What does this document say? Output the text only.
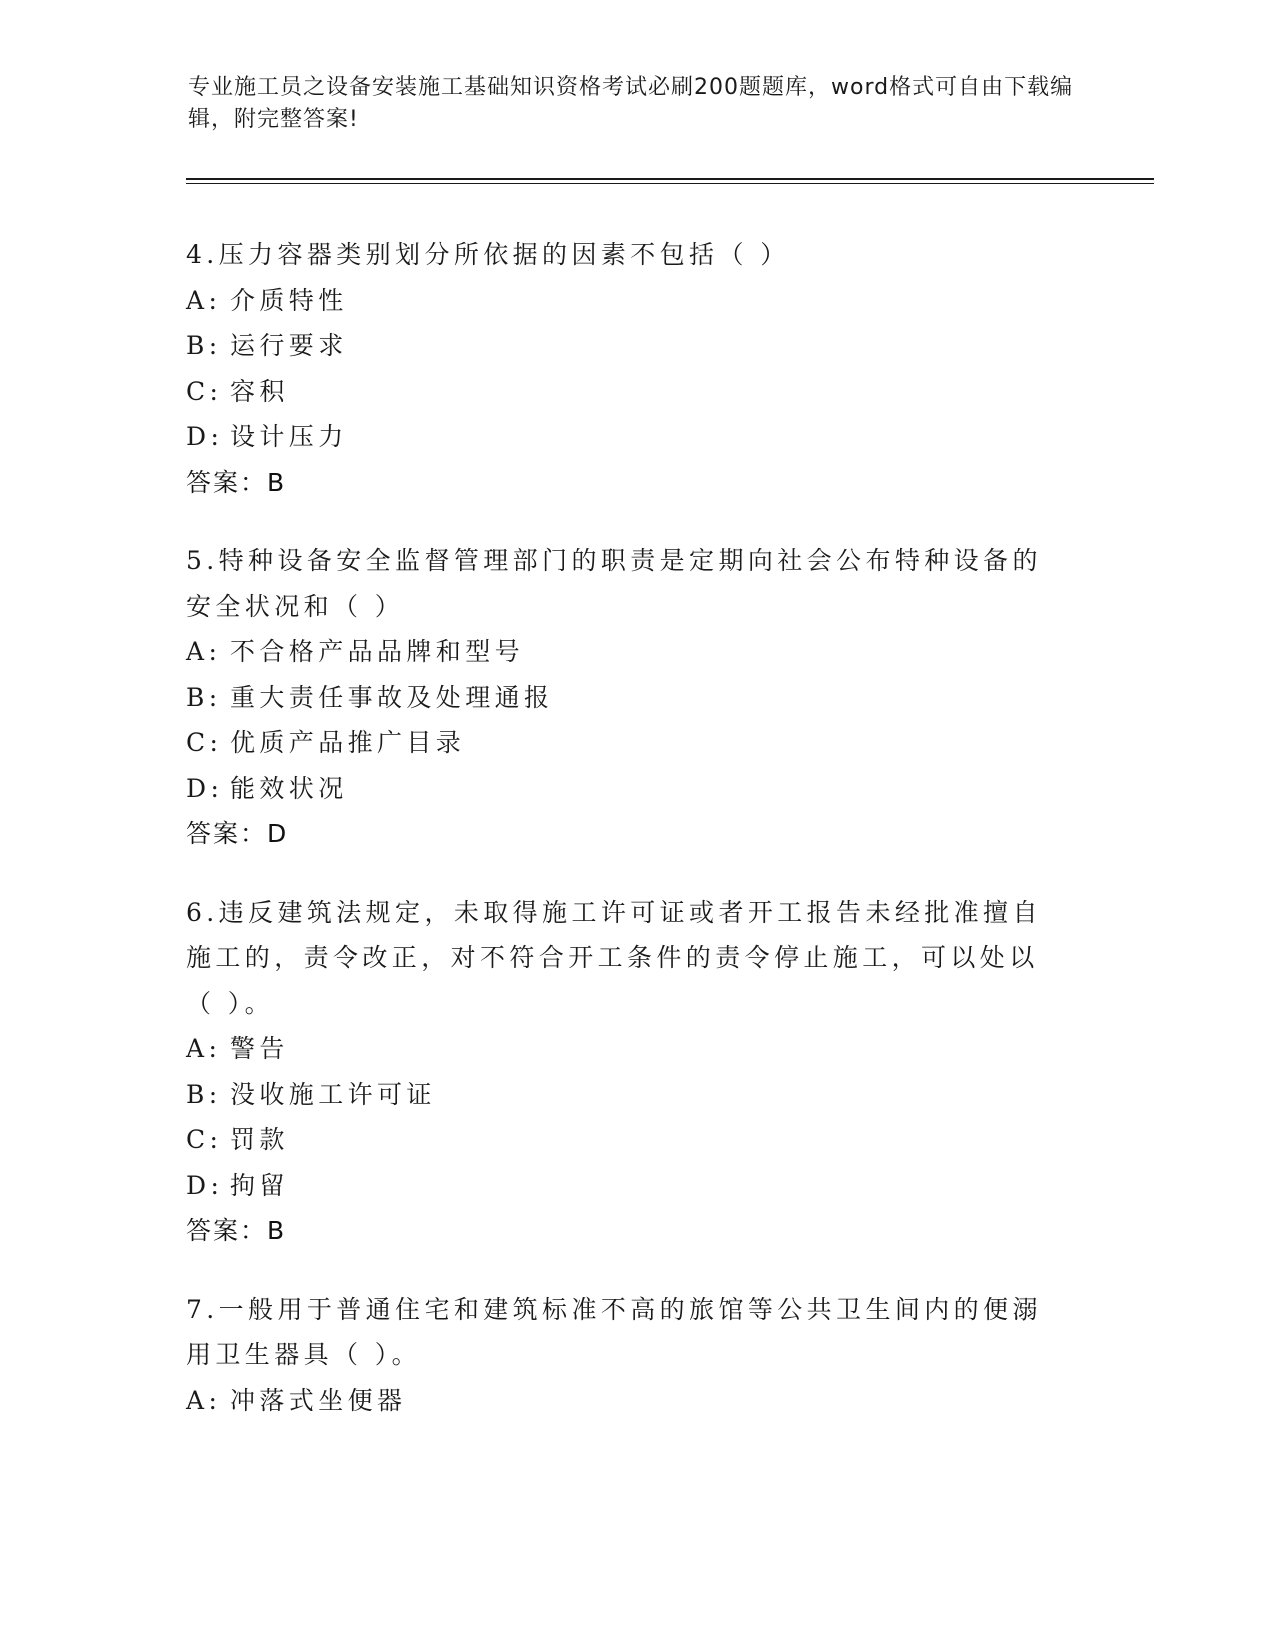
专业施工员之设备安装施工基础知识资格考试必刷200题题库，word格式可自由下载编辑，附完整答案!
4.压力容器类别划分所依据的因素不包括（ ）
A: 介质特性
B: 运行要求
C: 容积
D: 设计压力
答案：B
5.特种设备安全监督管理部门的职责是定期向社会公布特种设备的安全状况和（ ）
A: 不合格产品品牌和型号
B: 重大责任事故及处理通报
C: 优质产品推广目录
D: 能效状况
答案：D
6.违反建筑法规定，未取得施工许可证或者开工报告未经批准擅自施工的，责令改正，对不符合开工条件的责令停止施工，可以处以（ ）。
A: 警告
B: 没收施工许可证
C: 罚款
D: 拘留
答案：B
7.一般用于普通住宅和建筑标准不高的旅馆等公共卫生间内的便溺用卫生器具（ ）。
A: 冲落式坐便器
